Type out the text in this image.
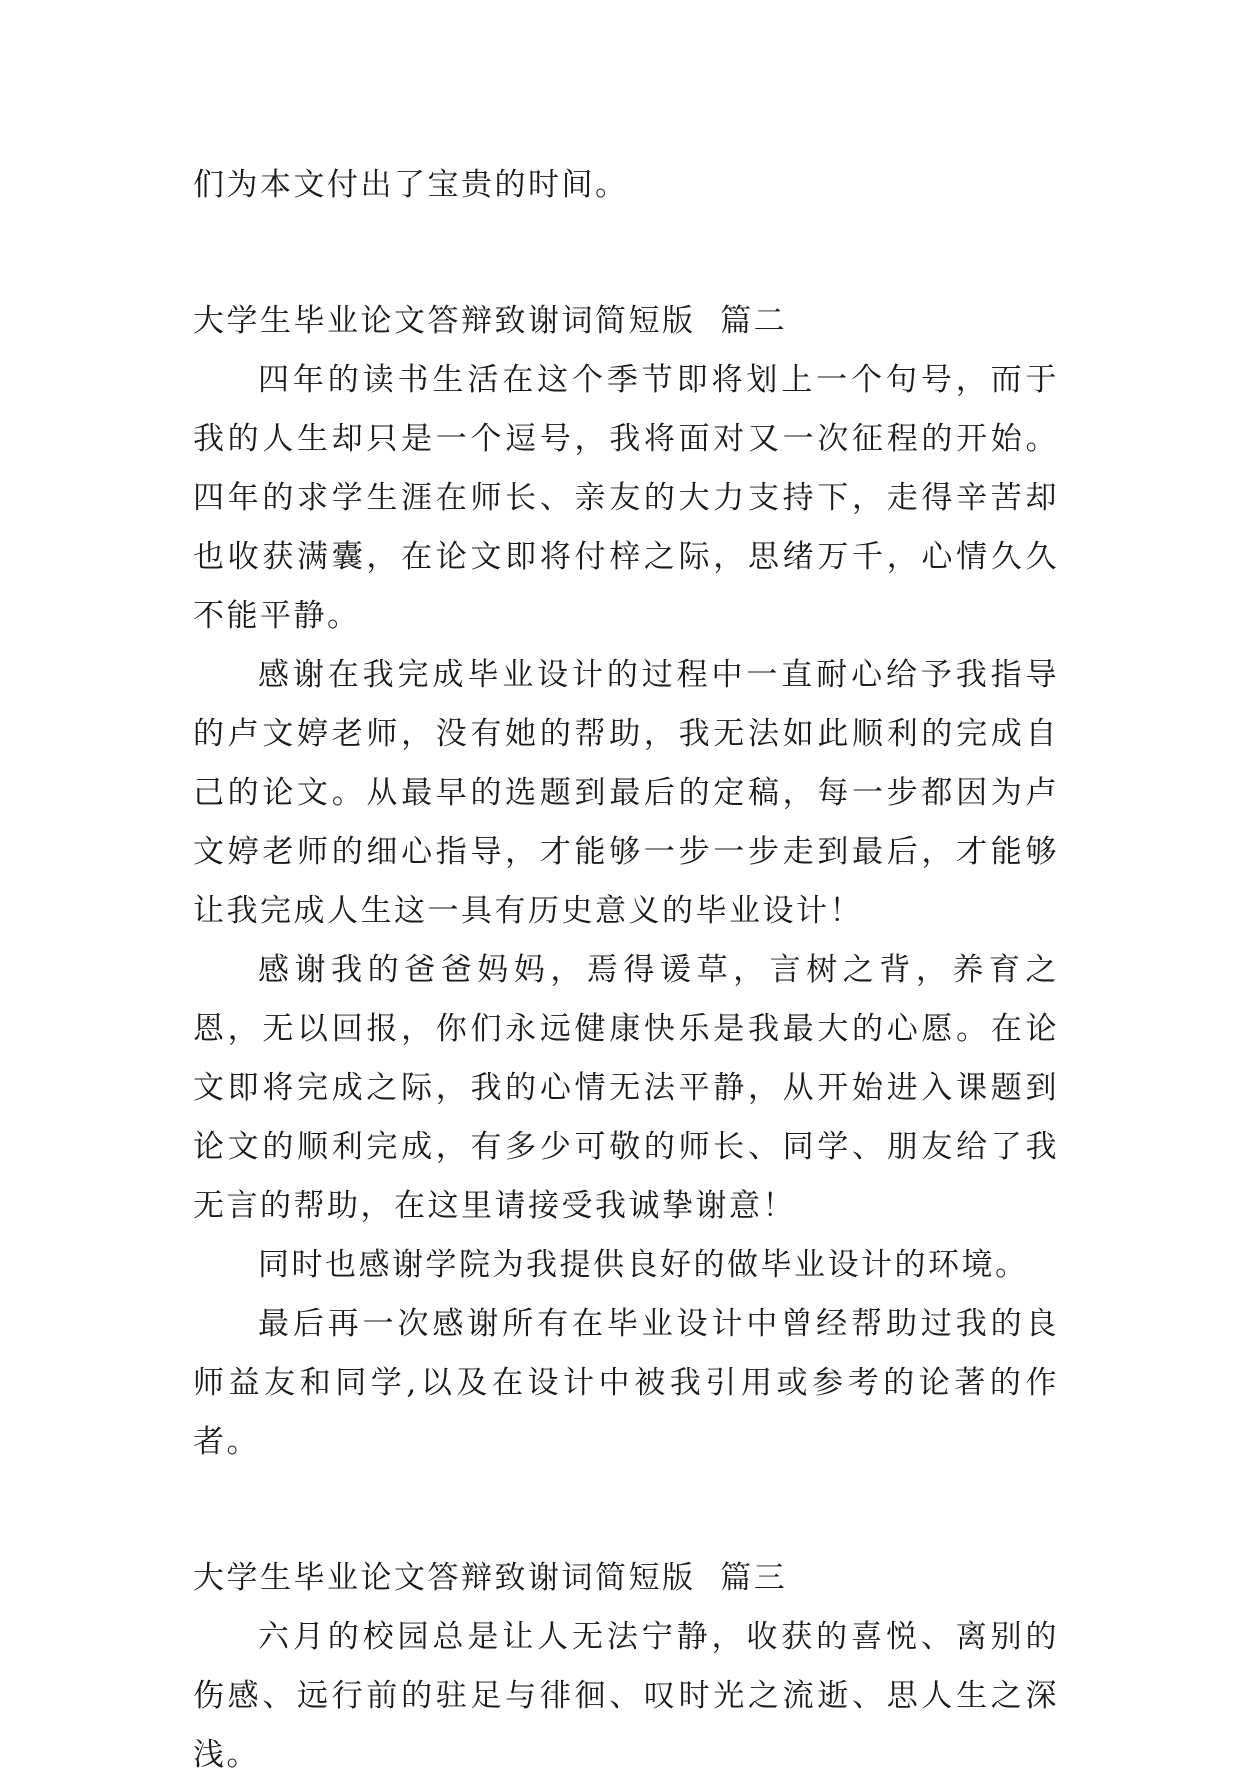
们为本文付出了宝贵的时间。

大学生毕业论文答辩致谢词简短版  篇二

四年的读书生活在这个季节即将划上一个句号，而于我的人生却只是一个逗号，我将面对又一次征程的开始。四年的求学生涯在师长、亲友的大力支持下，走得辛苦却也收获满囊，在论文即将付梓之际，思绪万千，心情久久不能平静。

感谢在我完成毕业设计的过程中一直耐心给予我指导的卢文婷老师，没有她的帮助，我无法如此顺利的完成自己的论文。从最早的选题到最后的定稿，每一步都因为卢文婷老师的细心指导，才能够一步一步走到最后，才能够让我完成人生这一具有历史意义的毕业设计！

感谢我的爸爸妈妈，焉得谖草，言树之背，养育之恩，无以回报，你们永远健康快乐是我最大的心愿。在论文即将完成之际，我的心情无法平静，从开始进入课题到论文的顺利完成，有多少可敬的师长、同学、朋友给了我无言的帮助，在这里请接受我诚挚谢意！

同时也感谢学院为我提供良好的做毕业设计的环境。

最后再一次感谢所有在毕业设计中曾经帮助过我的良师益友和同学,以及在设计中被我引用或参考的论著的作者。

大学生毕业论文答辩致谢词简短版  篇三

六月的校园总是让人无法宁静，收获的喜悦、离别的伤感、远行前的驻足与徘徊、叹时光之流逝、思人生之深浅。
